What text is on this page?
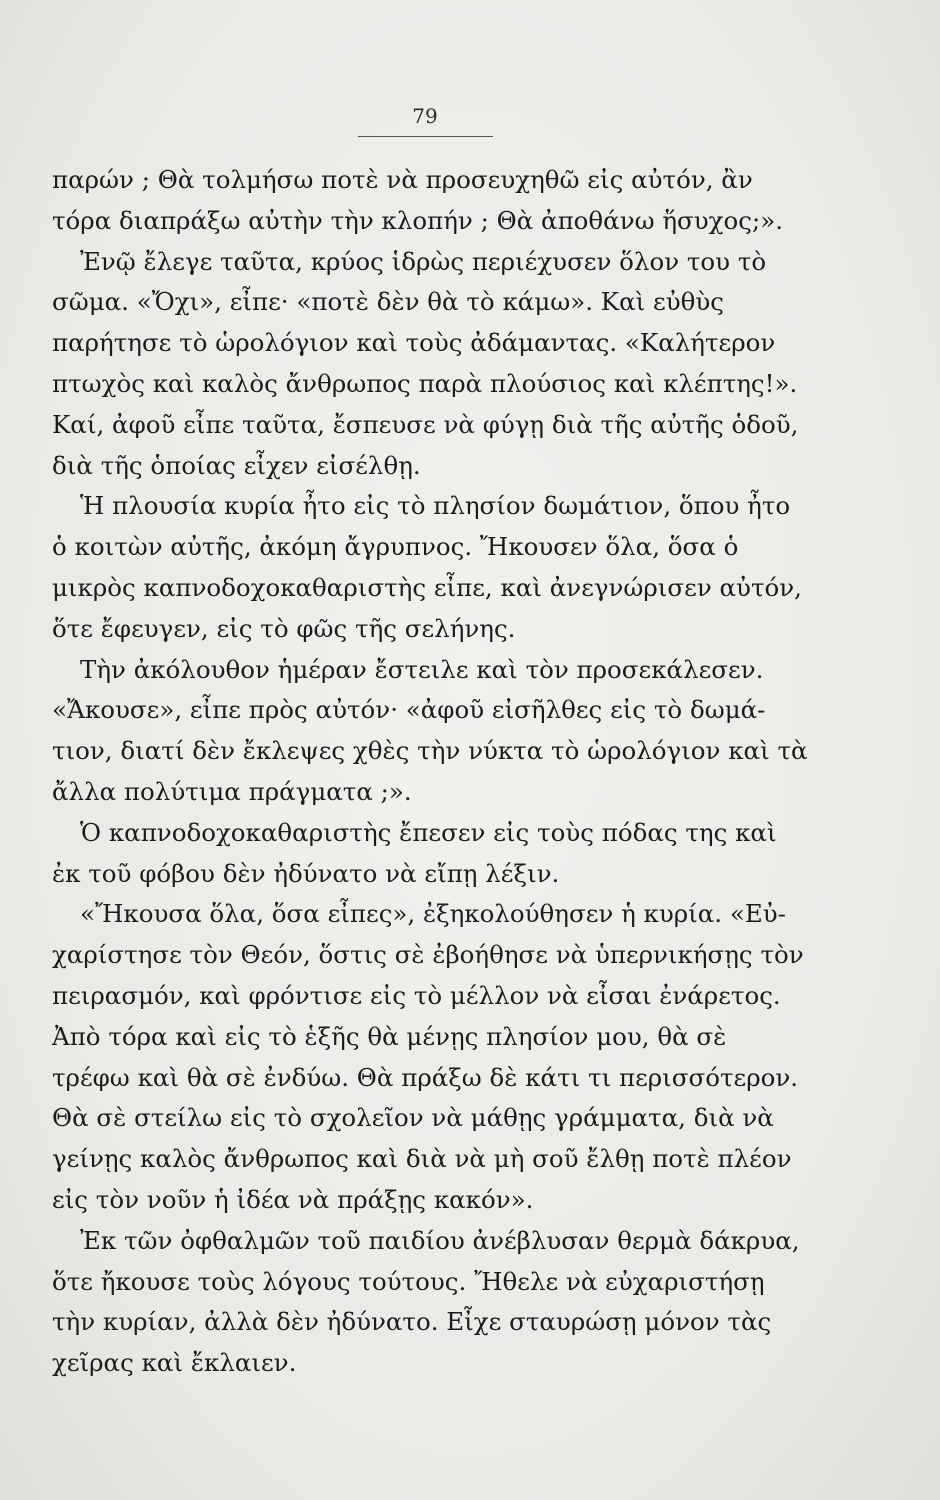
79
παρών ; Θὰ τολμήσω ποτὲ νὰ προσευχηθῶ εἰς αὐτόν, ἂν
τόρα διαπράξω αὐτὴν τὴν κλοπήν ; Θὰ ἀποθάνω ἥσυχος;».
Ἐνῷ ἔλεγε ταῦτα, κρύος ἱδρὼς περιέχυσεν ὅλον του τὸ
σῶμα. «Ὄχι», εἶπε· «ποτὲ δὲν θὰ τὸ κάμω». Καὶ εὐθὺς
παρήτησε τὸ ὡρολόγιον καὶ τοὺς ἀδάμαντας. «Καλήτερον
πτωχὸς καὶ καλὸς ἄνθρωπος παρὰ πλούσιος καὶ κλέπτης!».
Καί, ἀφοῦ εἶπε ταῦτα, ἔσπευσε νὰ φύγῃ διὰ τῆς αὐτῆς ὁδοῦ,
διὰ τῆς ὁποίας εἶχεν εἰσέλθῃ.
Ἡ πλουσία κυρία ἦτο εἰς τὸ πλησίον δωμάτιον, ὅπου ἦτο
ὁ κοιτὼν αὐτῆς, ἀκόμη ἄγρυπνος. Ἤκουσεν ὅλα, ὅσα ὁ
μικρὸς καπνοδοχοκαθαριστὴς εἶπε, καὶ ἀνεγνώρισεν αὐτόν,
ὅτε ἔφευγεν, εἰς τὸ φῶς τῆς σελήνης.
Τὴν ἀκόλουθον ἡμέραν ἔστειλε καὶ τὸν προσεκάλεσεν.
«Ἄκουσε», εἶπε πρὸς αὐτόν· «ἀφοῦ εἰσῆλθες εἰς τὸ δωμά-
τιον, διατί δὲν ἔκλεψες χθὲς τὴν νύκτα τὸ ὡρολόγιον καὶ τὰ
ἄλλα πολύτιμα πράγματα ;».
Ὁ καπνοδοχοκαθαριστὴς ἔπεσεν εἰς τοὺς πόδας της καὶ
ἐκ τοῦ φόβου δὲν ἠδύνατο νὰ εἴπῃ λέξιν.
«Ἤκουσα ὅλα, ὅσα εἶπες», ἐξηκολούθησεν ἡ κυρία. «Εὐ-
χαρίστησε τὸν Θεόν, ὅστις σὲ ἐβοήθησε νὰ ὑπερνικήσῃς τὸν
πειρασμόν, καὶ φρόντισε εἰς τὸ μέλλον νὰ εἶσαι ἐνάρετος.
Ἀπὸ τόρα καὶ εἰς τὸ ἑξῆς θὰ μένῃς πλησίον μου, θὰ σὲ
τρέφω καὶ θὰ σὲ ἐνδύω. Θὰ πράξω δὲ κάτι τι περισσότερον.
Θὰ σὲ στείλω εἰς τὸ σχολεῖον νὰ μάθῃς γράμματα, διὰ νὰ
γείνῃς καλὸς ἄνθρωπος καὶ διὰ νὰ μὴ σοῦ ἔλθῃ ποτὲ πλέον
εἰς τὸν νοῦν ἡ ἰδέα νὰ πράξῃς κακόν».
Ἐκ τῶν ὀφθαλμῶν τοῦ παιδίου ἀνέβλυσαν θερμὰ δάκρυα,
ὅτε ἤκουσε τοὺς λόγους τούτους. Ἤθελε νὰ εὐχαριστήσῃ
τὴν κυρίαν, ἀλλὰ δὲν ἠδύνατο. Εἶχε σταυρώσῃ μόνον τὰς
χεῖρας καὶ ἔκλαιεν.
